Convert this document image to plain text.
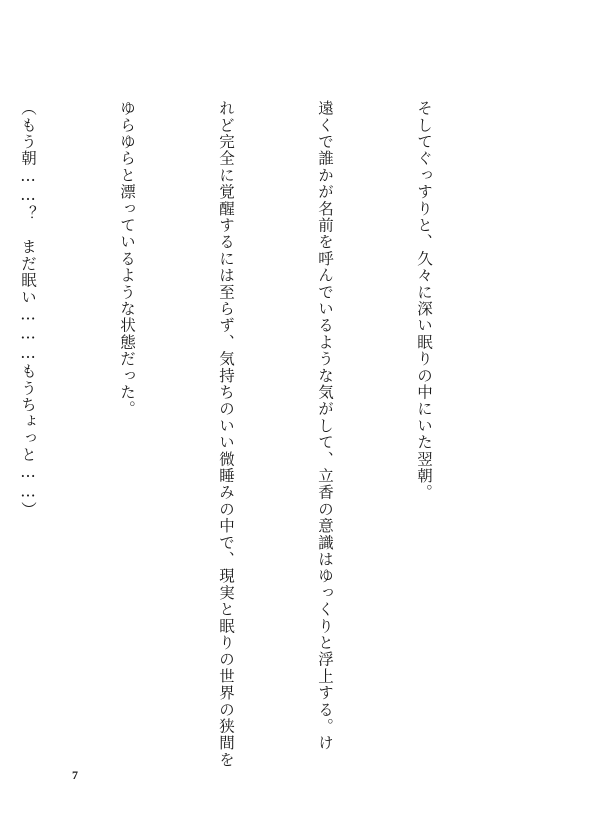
そしてぐっすりと、久々に深い眠りの中にいた翌朝。

遠くで誰かが名前を呼んでいるような気がして、立香の意識はゆっくりと浮上する。け

れど完全に覚醒するには至らず、気持ちのいい微睡みの中で、現実と眠りの世界の狭間を

ゆらゆらと漂っているような状態だった。

（もう朝……？　まだ眠い………もうちょっと……）

7
